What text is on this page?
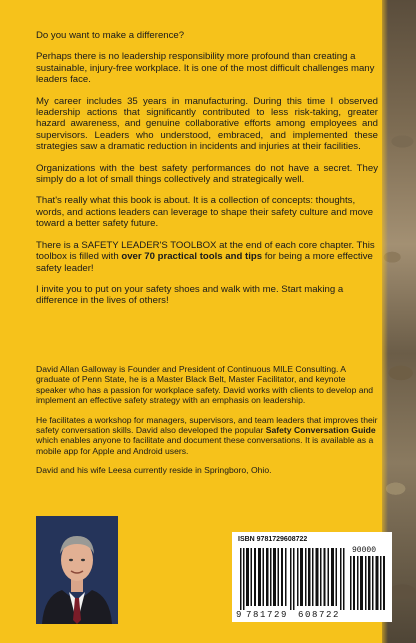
Do you want to make a difference?

Perhaps there is no leadership responsibility more profound than creating a sustainable, injury-free workplace. It is one of the most difficult challenges many leaders face.

My career includes 35 years in manufacturing. During this time I observed leadership actions that significantly contributed to less risk-taking, greater hazard awareness, and genuine collaborative efforts among employees and supervisors. Leaders who understood, embraced, and implemented these strategies saw a dramatic reduction in incidents and injuries at their facilities.

Organizations with the best safety performances do not have a secret. They simply do a lot of small things collectively and strategically well.

That's really what this book is about. It is a collection of concepts: thoughts, words, and actions leaders can leverage to shape their safety culture and move toward a better safety future.

There is a SAFETY LEADER'S TOOLBOX at the end of each core chapter. This toolbox is filled with over 70 practical tools and tips for being a more effective safety leader!

I invite you to put on your safety shoes and walk with me. Start making a difference in the lives of others!

David Allan Galloway is Founder and President of Continuous MILE Consulting. A graduate of Penn State, he is a Master Black Belt, Master Facilitator, and keynote speaker who has a passion for workplace safety. David works with clients to develop and implement an effective safety strategy with an emphasis on leadership.

He facilitates a workshop for managers, supervisors, and team leaders that improves their safety conversation skills. David also developed the popular Safety Conversation Guide which enables anyone to facilitate and document these conversations. It is available as a mobile app for Apple and Android users.

David and his wife Leesa currently reside in Springboro, Ohio.

ISBN 9781729608722
90000
9 781729 608722
